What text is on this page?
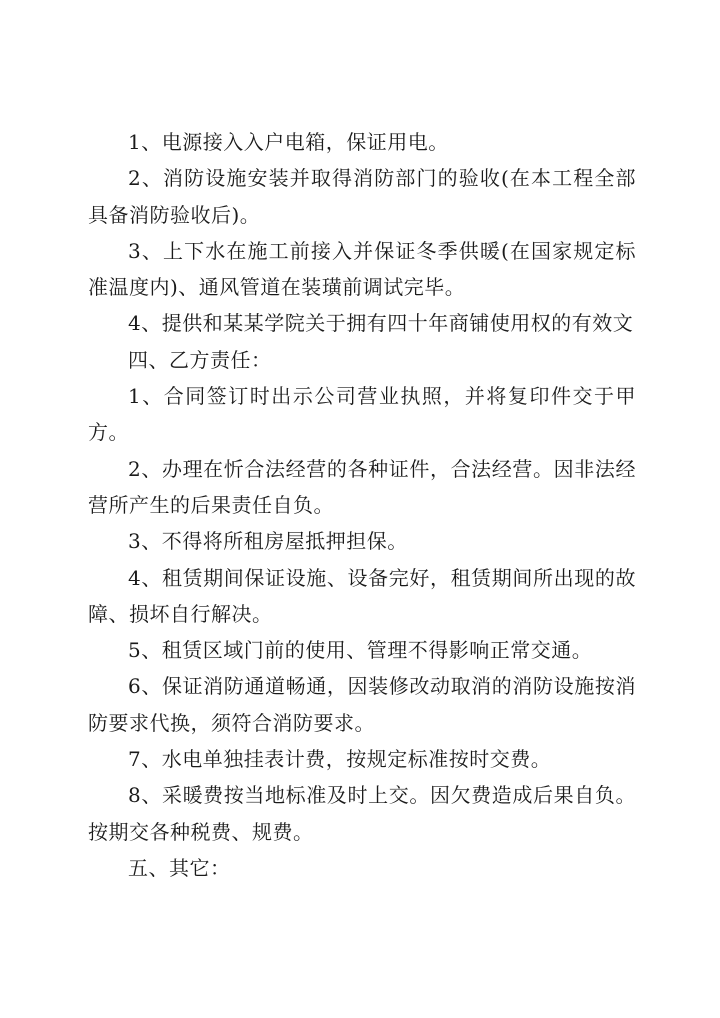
1、电源接入入户电箱，保证用电。

2、消防设施安装并取得消防部门的验收(在本工程全部具备消防验收后)。

3、上下水在施工前接入并保证冬季供暖(在国家规定标准温度内)、通风管道在装璜前调试完毕。

4、提供和某某学院关于拥有四十年商铺使用权的有效文

四、乙方责任：

1、合同签订时出示公司营业执照，并将复印件交于甲方。

2、办理在忻合法经营的各种证件，合法经营。因非法经营所产生的后果责任自负。

3、不得将所租房屋抵押担保。

4、租赁期间保证设施、设备完好，租赁期间所出现的故障、损坏自行解决。

5、租赁区域门前的使用、管理不得影响正常交通。

6、保证消防通道畅通，因装修改动取消的消防设施按消防要求代换，须符合消防要求。

7、水电单独挂表计费，按规定标准按时交费。

8、采暖费按当地标准及时上交。因欠费造成后果自负。按期交各种税费、规费。

五、其它：
